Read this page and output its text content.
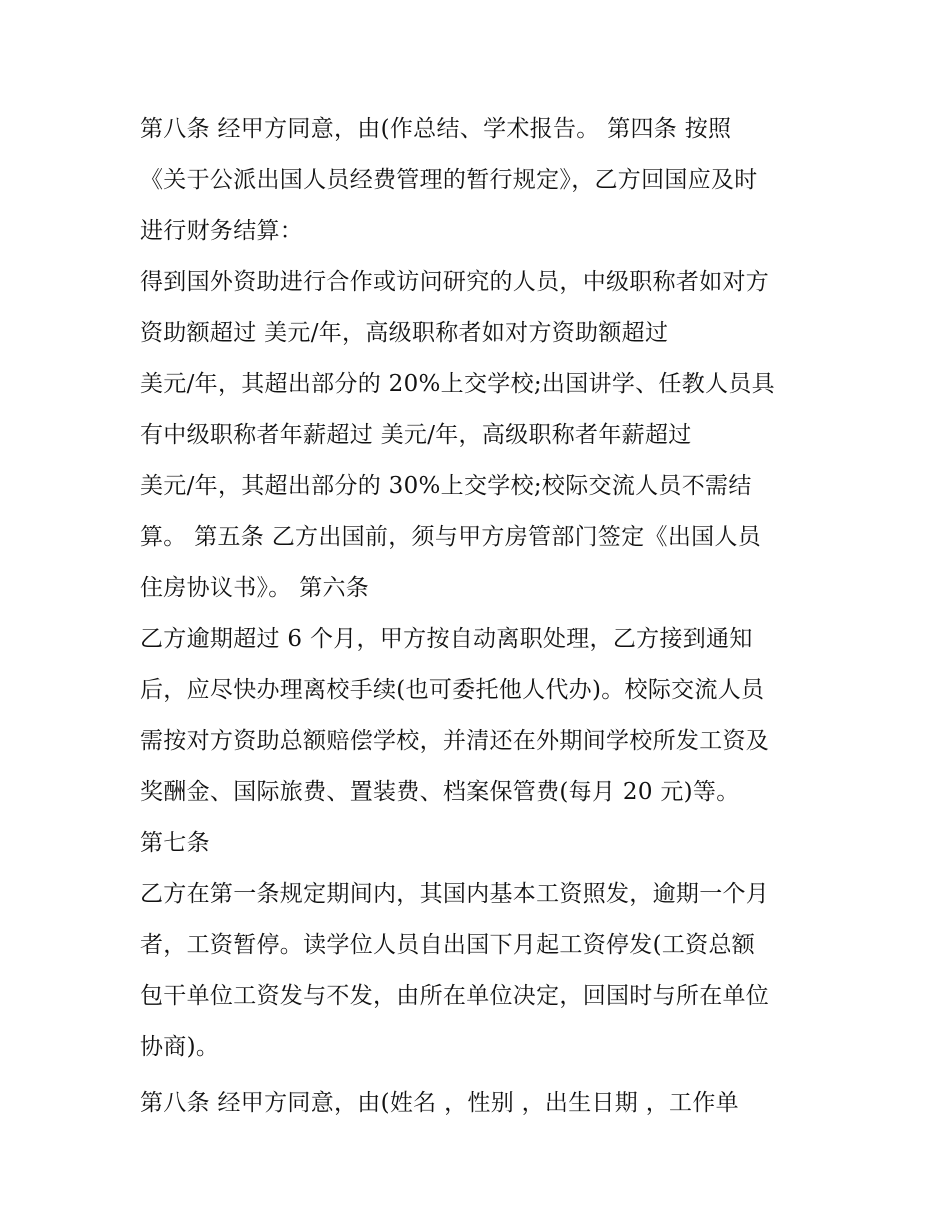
第八条 经甲方同意，由(作总结、学术报告。 第四条 按照
《关于公派出国人员经费管理的暂行规定》，乙方回国应及时
进行财务结算：
得到国外资助进行合作或访问研究的人员，中级职称者如对方
资助额超过 美元/年，高级职称者如对方资助额超过
美元/年，其超出部分的 20%上交学校;出国讲学、任教人员具
有中级职称者年薪超过 美元/年，高级职称者年薪超过
美元/年，其超出部分的 30%上交学校;校际交流人员不需结
算。 第五条 乙方出国前，须与甲方房管部门签定《出国人员
住房协议书》。 第六条
乙方逾期超过 6 个月，甲方按自动离职处理，乙方接到通知
后，应尽快办理离校手续(也可委托他人代办)。校际交流人员
需按对方资助总额赔偿学校，并清还在外期间学校所发工资及
奖酬金、国际旅费、置装费、档案保管费(每月 20 元)等。
第七条
乙方在第一条规定期间内，其国内基本工资照发，逾期一个月
者，工资暂停。读学位人员自出国下月起工资停发(工资总额
包干单位工资发与不发，由所在单位决定，回国时与所在单位
协商)。
第八条 经甲方同意，由(姓名 ，性别 ，出生日期 ，工作单
